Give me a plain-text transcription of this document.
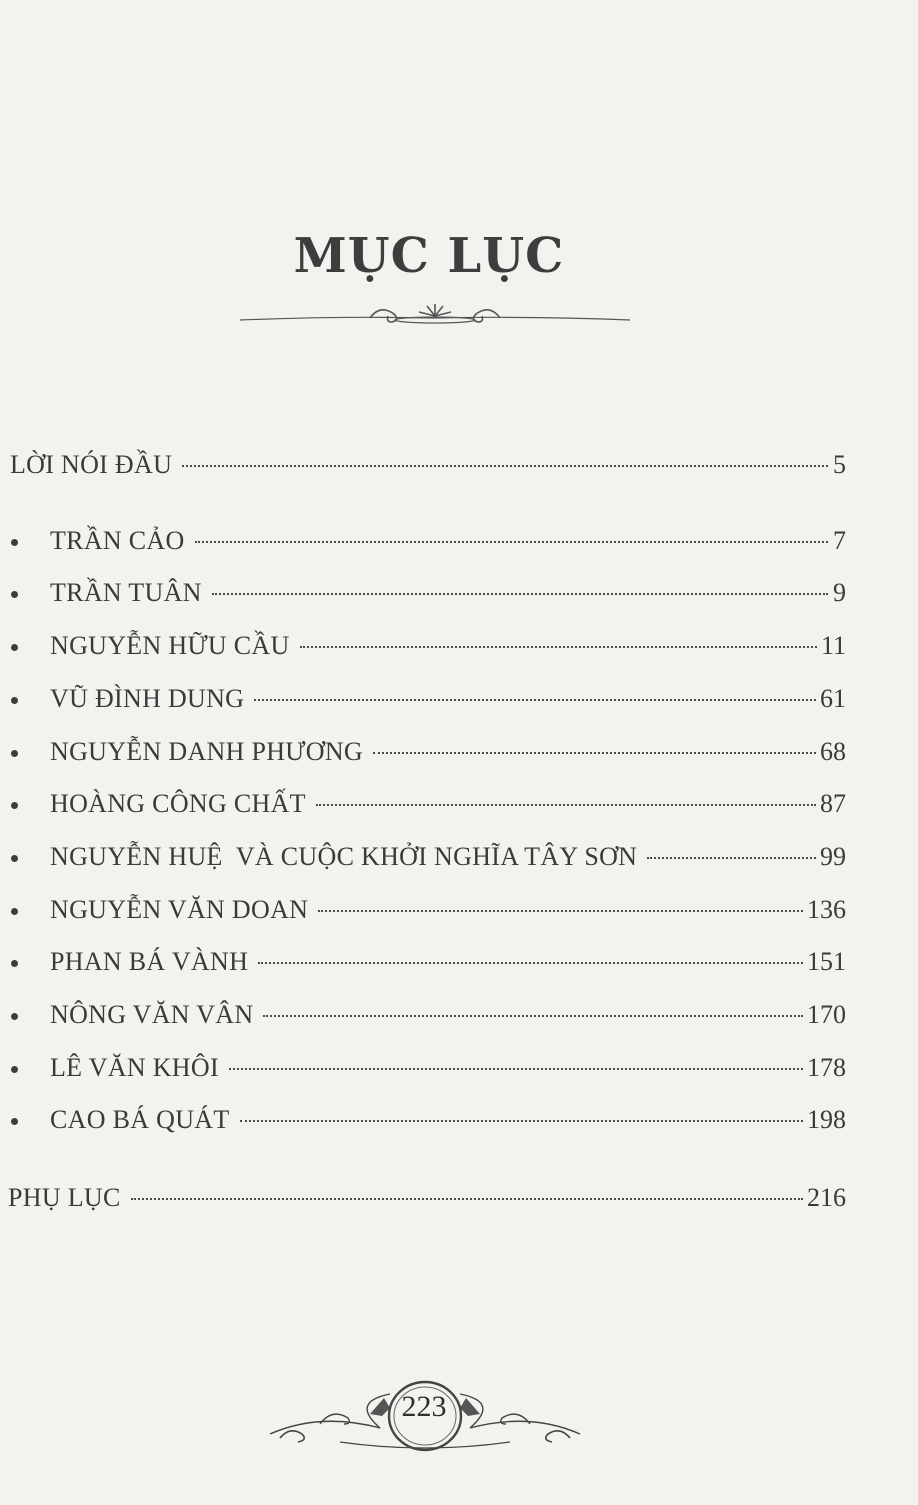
MỤC LỤC
LỜI NÓI ĐẦU	5
TRẦN CẢO	7
TRẦN TUÂN	9
NGUYỄN HỮU CẦU	11
VŨ ĐÌNH DUNG	61
NGUYỄN DANH PHƯƠNG	68
HOÀNG CÔNG CHẤT	87
NGUYỄN HUỆ  VÀ CUỘC KHỞI NGHĨA TÂY SƠN	99
NGUYỄN VĂN DOAN	136
PHAN BÁ VÀNH	151
NÔNG VĂN VÂN	170
LÊ VĂN KHÔI	178
CAO BÁ QUÁT	198
PHỤ LỤC	216
223
